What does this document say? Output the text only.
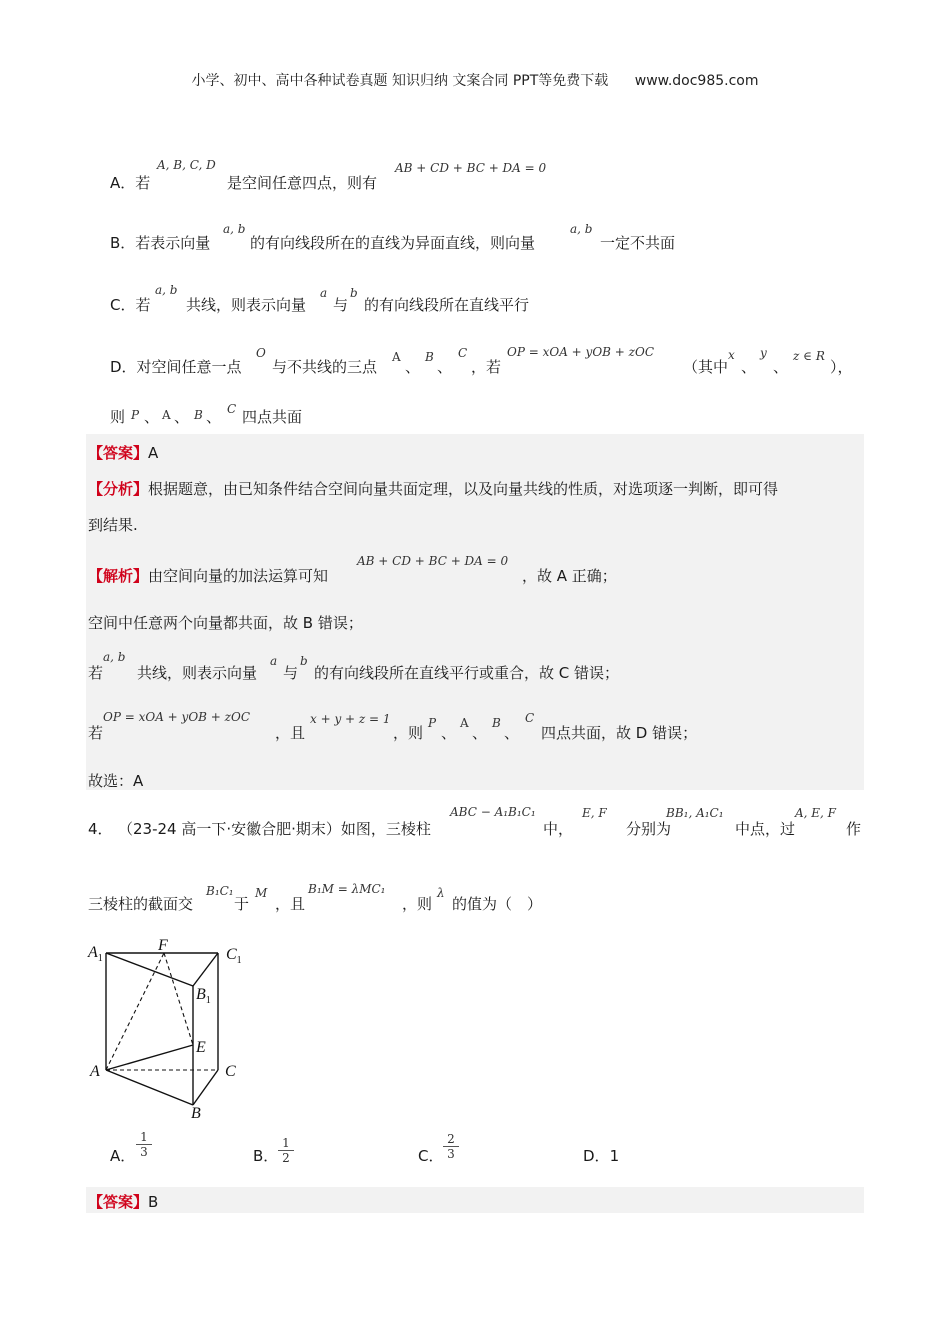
小学、初中、高中各种试卷真题 知识归纳 文案合同 PPT等免费下载 www.doc985.com
A．若
A, B, C, D
是空间任意四点，则有
AB + CD + BC + DA = 0
B．若表示向量
a, b
的有向线段所在的直线为异面直线，则向量
a, b
一定不共面
C．若
a, b
共线，则表示向量
a
与
b
的有向线段所在直线平行
D．对空间任意一点
O
与不共线的三点
A
、
B
、
C
，若
OP = xOA + yOB + zOC
（其中
x
、
y
、
z ∈ R
），
则 P 、 A 、 B 、 C 四点共面
【答案】A
【分析】根据题意，由已知条件结合空间向量共面定理，以及向量共线的性质，对选项逐一判断，即可得
到结果.
【解析】由空间向量的加法运算可知
AB + CD + BC + DA = 0
，故 A 正确；
空间中任意两个向量都共面，故 B 错误；
若
a, b
共线，则表示向量
a
与
b
的有向线段所在直线平行或重合，故 C 错误；
若
OP = xOA + yOB + zOC
，且
x + y + z = 1
，则
P
、
A
、
B
、
C
四点共面，故 D 错误；
故选：A
4． （23-24 高一下·安徽合肥·期末）如图，三棱柱
ABC − A₁B₁C₁
中，
E, F
分别为
BB₁, A₁C₁
中点，过
A, E, F
作
三棱柱的截面交
B₁C₁
于
M
，且
B₁M = λMC₁
，则
λ
的值为（　）
$A_1$
F
$C_1$
$B_1$
E
A	C
B
A． $\frac{1}{3}$	B． $\frac{1}{2}$	C． $\frac{2}{3}$	D．1
【答案】B
